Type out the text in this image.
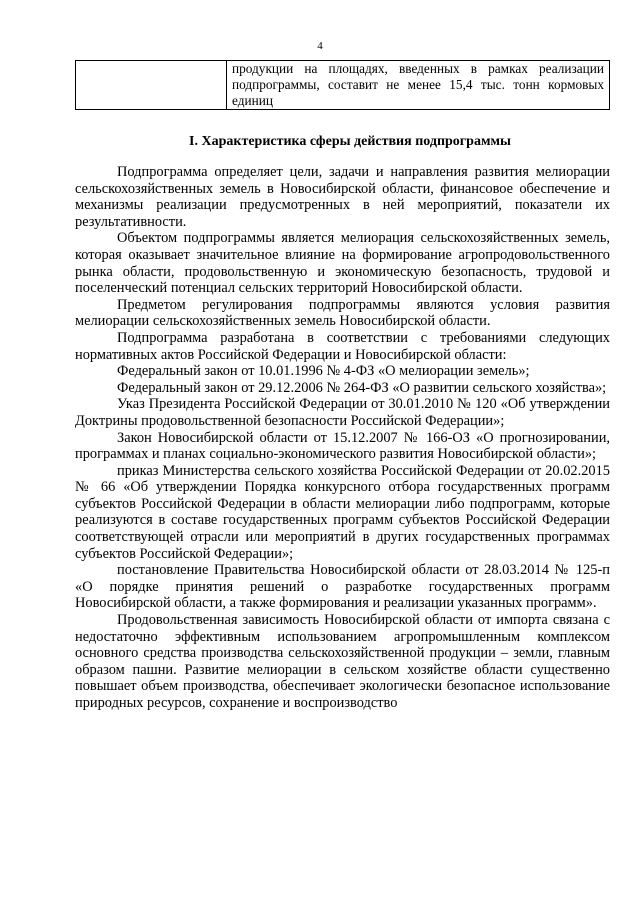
4
	продукции на площадях, введенных в рамках реализации подпрограммы, составит не менее 15,4 тыс. тонн кормовых единиц
I. Характеристика сферы действия подпрограммы

Подпрограмма определяет цели, задачи и направления развития мелиорации сельскохозяйственных земель в Новосибирской области, финансовое обеспечение и механизмы реализации предусмотренных в ней мероприятий, показатели их результативности.

Объектом подпрограммы является мелиорация сельскохозяйственных земель, которая оказывает значительное влияние на формирование агропродовольственного рынка области, продовольственную и экономическую безопасность, трудовой и поселенческий потенциал сельских территорий Новосибирской области.

Предметом регулирования подпрограммы являются условия развития мелиорации сельскохозяйственных земель Новосибирской области.

Подпрограмма разработана в соответствии с требованиями следующих нормативных актов Российской Федерации и Новосибирской области:

Федеральный закон от 10.01.1996 № 4-ФЗ «О мелиорации земель»;

Федеральный закон от 29.12.2006 № 264-ФЗ «О развитии сельского хозяйства»;

Указ Президента Российской Федерации от 30.01.2010 № 120 «Об утверждении Доктрины продовольственной безопасности Российской Федерации»;

Закон Новосибирской области от 15.12.2007 № 166-ОЗ «О прогнозировании, программах и планах социально-экономического развития Новосибирской области»;

приказ Министерства сельского хозяйства Российской Федерации от 20.02.2015 № 66 «Об утверждении Порядка конкурсного отбора государственных программ субъектов Российской Федерации в области мелиорации либо подпрограмм, которые реализуются в составе государственных программ субъектов Российской Федерации соответствующей отрасли или мероприятий в других государственных программах субъектов Российской Федерации»;

постановление Правительства Новосибирской области от 28.03.2014 № 125-п «О порядке принятия решений о разработке государственных программ Новосибирской области, а также формирования и реализации указанных программ».

Продовольственная зависимость Новосибирской области от импорта связана с недостаточно эффективным использованием агропромышленным комплексом основного средства производства сельскохозяйственной продукции – земли, главным образом пашни. Развитие мелиорации в сельском хозяйстве области существенно повышает объем производства, обеспечивает экологически безопасное использование природных ресурсов, сохранение и воспроизводство
